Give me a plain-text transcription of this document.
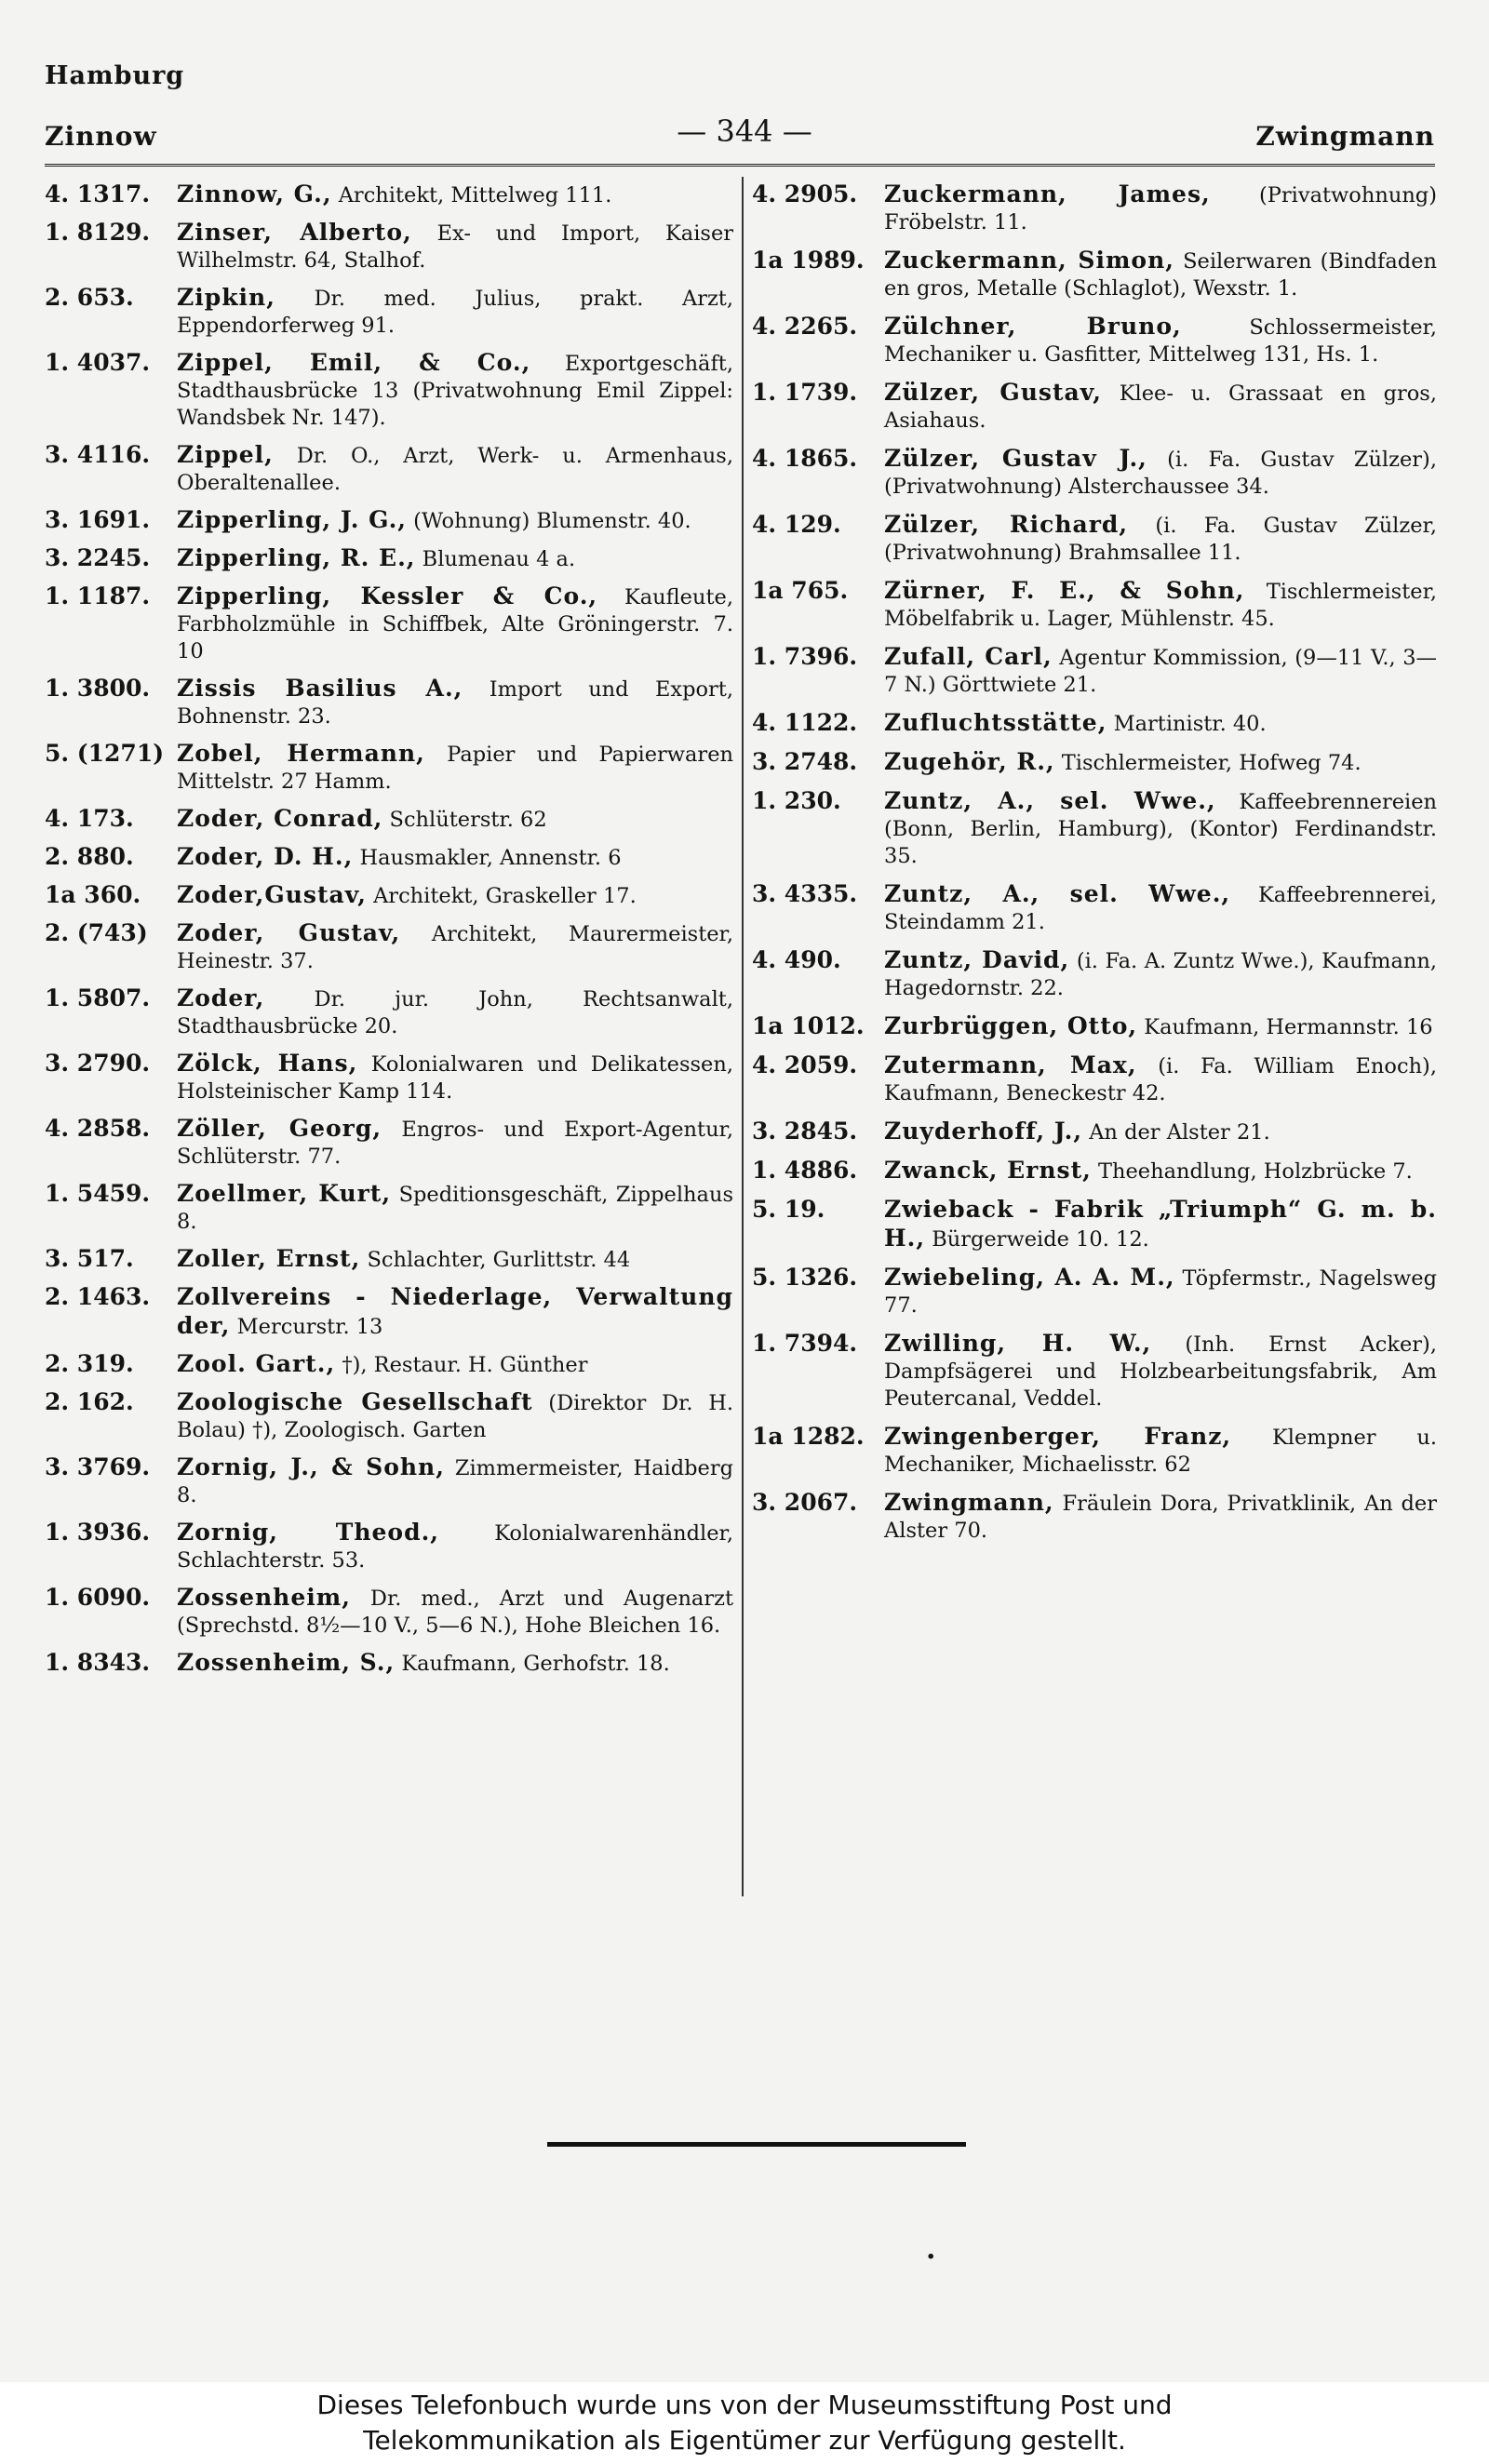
Hamburg
Zinnow	— 344 —	Zwingmann
4. 1317.	Zinnow, G., Architekt, Mittelweg 111.
1. 8129.	Zinser, Alberto, Ex- und Import, Kaiser Wilhelmstr. 64, Stalhof.
2. 653.	Zipkin, Dr. med. Julius, prakt. Arzt, Eppendorferweg 91.
1. 4037.	Zippel, Emil, & Co., Exportgeschäft, Stadthausbrücke 13 (Privatwohnung Emil Zippel: Wandsbek Nr. 147).
3. 4116.	Zippel, Dr. O., Arzt, Werk- u. Armenhaus, Oberaltenallee.
3. 1691.	Zipperling, J. G., (Wohnung) Blumenstr. 40.
3. 2245.	Zipperling, R. E., Blumenau 4 a.
1. 1187.	Zipperling, Kessler & Co., Kaufleute, Farbholzmühle in Schiffbek, Alte Gröningerstr. 7. 10
1. 3800.	Zissis Basilius A., Import und Export, Bohnenstr. 23.
5. (1271) Zobel, Hermann, Papier und Papierwaren Mittelstr. 27 Hamm.
4. 173.	Zoder, Conrad, Schlüterstr. 62
2. 880.	Zoder, D. H., Hausmakler, Annenstr. 6
1a 360.	Zoder,Gustav, Architekt, Graskeller 17.
2. (743)	Zoder, Gustav, Architekt, Maurermeister, Heinestr. 37.
1. 5807.	Zoder, Dr. jur. John, Rechtsanwalt, Stadthausbrücke 20.
3. 2790.	Zölck, Hans, Kolonialwaren und Delikatessen, Holsteinischer Kamp 114.
4. 2858.	Zöller, Georg, Engros- und Export-Agentur, Schlüterstr. 77.
1. 5459.	Zoellmer, Kurt, Speditionsgeschäft, Zippelhaus 8.
3. 517.	Zoller, Ernst, Schlachter, Gurlittstr. 44
2. 1463.	Zollvereins - Niederlage, Verwaltung der, Mercurstr. 13
2. 319.	Zool. Gart., †), Restaur. H. Günther
2. 162.	Zoologische Gesellschaft (Direktor Dr. H. Bolau) †), Zoologisch. Garten
3. 3769.	Zornig, J., & Sohn, Zimmermeister, Haidberg 8.
1. 3936.	Zornig, Theod.,	Kolonialwarenhändler, Schlachterstr. 53.
1. 6090.	Zossenheim, Dr. med., Arzt und Augenarzt (Sprechstd. 8½—10 V., 5—6 N.), Hohe Bleichen 16.
1. 8343.	Zossenheim, S., Kaufmann, Gerhofstr. 18.
4. 2905.	Zuckermann, James, (Privatwohnung) Fröbelstr. 11.
1a 1989. Zuckermann, Simon, Seilerwaren (Bindfaden en gros, Metalle (Schlaglot), Wexstr. 1.
4. 2265.	Zülchner, Bruno,	Schlossermeister, Mechaniker u. Gasfitter, Mittelweg 131, Hs. 1.
1. 1739.	Zülzer, Gustav, Klee- u. Grassaat en gros, Asiahaus.
4. 1865.	Zülzer, Gustav J., (i. Fa. Gustav Zülzer), (Privatwohnung) Alsterchaussee 34.
4. 129.	Zülzer, Richard, (i. Fa. Gustav Zülzer, (Privatwohnung) Brahmsallee 11.
1a 765.	Zürner, F. E., & Sohn, Tischlermeister, Möbelfabrik u. Lager, Mühlenstr. 45.
1. 7396.	Zufall, Carl, Agentur Kommission, (9—11 V., 3—7 N.) Görttwiete 21.
4. 1122.	Zufluchtsstätte, Martinistr. 40.
3. 2748.	Zugehör, R., Tischlermeister, Hofweg 74.
1. 230.	Zuntz, A., sel. Wwe., Kaffeebrennereien (Bonn, Berlin, Hamburg), (Kontor) Ferdinandstr. 35.
3. 4335.	Zuntz, A., sel. Wwe., Kaffeebrennerei, Steindamm 21.
4. 490.	Zuntz, David, (i. Fa. A. Zuntz Wwe.), Kaufmann, Hagedornstr. 22.
1a 1012. Zurbrüggen, Otto, Kaufmann, Hermannstr. 16
4. 2059.	Zutermann, Max, (i. Fa. William Enoch), Kaufmann, Beneckestr 42.
3. 2845.	Zuyderhoff, J., An der Alster 21.
1. 4886.	Zwanck, Ernst, Theehandlung, Holzbrücke 7.
5. 19.	Zwieback - Fabrik „Triumph“ G. m. b. H., Bürgerweide 10. 12.
5. 1326.	Zwiebeling, A. A. M., Töpfermstr., Nagelsweg 77.
1. 7394.	Zwilling, H. W., (Inh. Ernst Acker), Dampfsägerei und Holzbearbeitungsfabrik, Am Peutercanal, Veddel.
1a 1282. Zwingenberger, Franz, Klempner u. Mechaniker, Michaelisstr. 62
3. 2067.	Zwingmann, Fräulein Dora, Privatklinik, An der Alster 70.
.
Dieses Telefonbuch wurde uns von der Museumsstiftung Post und
Telekommunikation als Eigentümer zur Verfügung gestellt.
